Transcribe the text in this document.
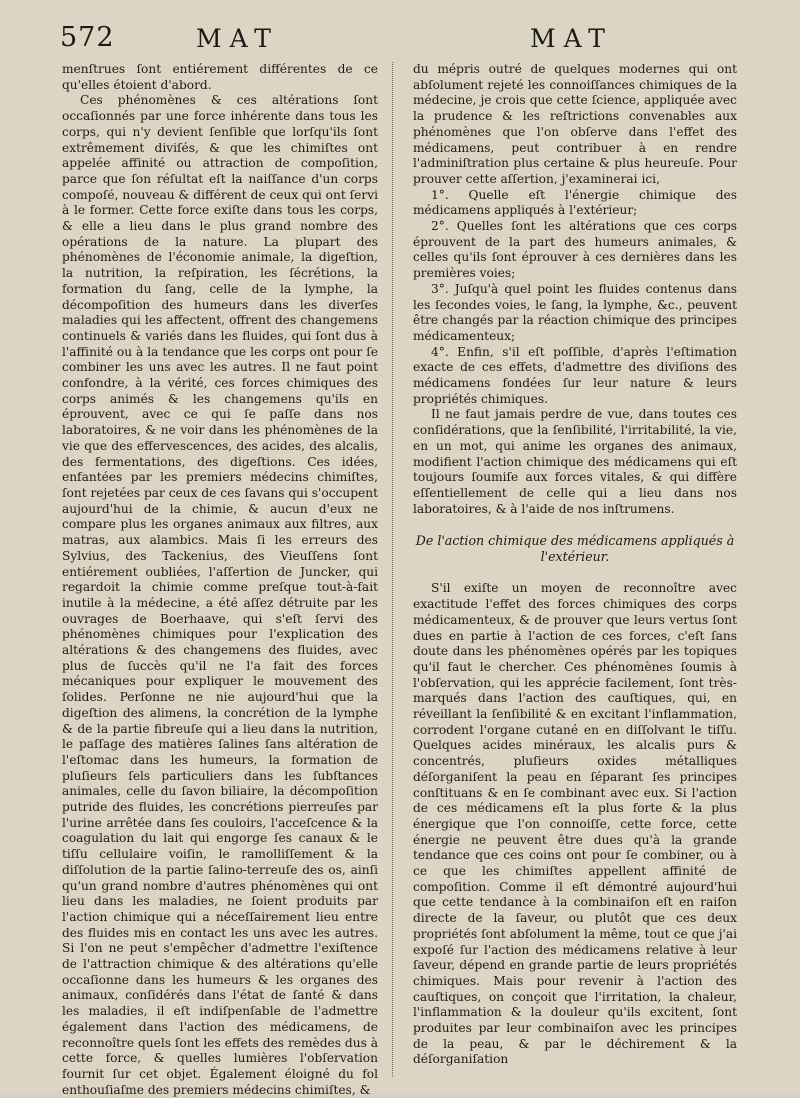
572	MAT	MAT

menſtrues ſont entiérement différentes de ce qu'elles étoient d'abord.

Ces phénomènes & ces altérations ſont occaſionnés par une force inhérente dans tous les corps, qui n'y devient ſenſible que lorſqu'ils ſont extrêmement diviſés, & que les chimiſtes ont appelée affinité ou attraction de compoſition, parce que ſon réſultat eſt la naiſſance d'un corps compoſé, nouveau & différent de ceux qui ont ſervi à le former. Cette force exiſte dans tous les corps, & elle a lieu dans le plus grand nombre des opérations de la nature. La plupart des phénomènes de l'économie animale, la digeſtion, la nutrition, la reſpiration, les ſécrétions, la formation du ſang, celle de la lymphe, la décompoſition des humeurs dans les diverſes maladies qui les affectent, offrent des changemens continuels & variés dans les fluides, qui ſont dus à l'affinité ou à la tendance que les corps ont pour ſe combiner les uns avec les autres. Il ne faut point confondre, à la vérité, ces forces chimiques des corps animés & les changemens qu'ils en éprouvent, avec ce qui ſe paſſe dans nos laboratoires, & ne voir dans les phénomènes de la vie que des effervescences, des acides, des alcalis, des fermentations, des digeſtions. Ces idées, enfantées par les premiers médecins chimiſtes, ſont rejetées par ceux de ces ſavans qui s'occupent aujourd'hui de la chimie, & aucun d'eux ne compare plus les organes animaux aux filtres, aux matras, aux alambics. Mais ſi les erreurs des Sylvius, des Tackenius, des Vieuſſens ſont entiérement oubliées, l'aſſertion de Juncker, qui regardoit la chimie comme preſque tout-à-fait inutile à la médecine, a été aſſez détruite par les ouvrages de Boerhaave, qui s'eſt ſervi des phénomènes chimiques pour l'explication des altérations & des changemens des fluides, avec plus de ſuccès qu'il ne l'a fait des forces mécaniques pour expliquer le mouvement des ſolides. Perſonne ne nie aujourd'hui que la digeſtion des alimens, la concrétion de la lymphe & de la partie fibreuſe qui a lieu dans la nutrition, le paſſage des matières ſalines ſans altération de l'eſtomac dans les humeurs, la formation de pluſieurs ſels particuliers dans les ſubſtances animales, celle du ſavon biliaire, la décompoſition putride des fluides, les concrétions pierreuſes par l'urine arrêtée dans ſes couloirs, l'acceſcence & la coagulation du lait qui engorge ſes canaux & le tiſſu cellulaire voiſin, le ramolliſſement & la diſſolution de la partie ſalino-terreuſe des os, ainſi qu'un grand nombre d'autres phénomènes qui ont lieu dans les maladies, ne ſoient produits par l'action chimique qui a néceſſairement lieu entre des fluides mis en contact les uns avec les autres. Si l'on ne peut s'empêcher d'admettre l'exiſtence de l'attraction chimique & des altérations qu'elle occaſionne dans les humeurs & les organes des animaux, conſidérés dans l'état de ſanté & dans les maladies, il eſt indiſpenſable de l'admettre également dans l'action des médicamens, de reconnoître quels ſont les effets des remèdes dus à cette force, & quelles lumières l'obſervation fournit ſur cet objet. Également éloigné du fol enthouſiaſme des premiers médecins chimiſtes, &

du mépris outré de quelques modernes qui ont abſolument rejeté les connoiſſances chimiques de la médecine, je crois que cette ſcience, appliquée avec la prudence & les reſtrictions convenables aux phénomènes que l'on obſerve dans l'effet des médicamens, peut contribuer à en rendre l'adminiſtration plus certaine & plus heureuſe. Pour prouver cette aſſertion, j'examinerai ici,

1°. Quelle eſt l'énergie chimique des médicamens appliqués à l'extérieur;

2°. Quelles ſont les altérations que ces corps éprouvent de la part des humeurs animales, & celles qu'ils ſont éprouver à ces dernières dans les premières voies;

3°. Juſqu'à quel point les fluides contenus dans les ſecondes voies, le ſang, la lymphe, &c., peuvent être changés par la réaction chimique des principes médicamenteux;

4°. Enfin, s'il eſt poſſible, d'après l'eſtimation exacte de ces effets, d'admettre des diviſions des médicamens fondées ſur leur nature & leurs propriétés chimiques.

Il ne faut jamais perdre de vue, dans toutes ces conſidérations, que la ſenſibilité, l'irritabilité, la vie, en un mot, qui anime les organes des animaux, modifient l'action chimique des médicamens qui eſt toujours ſoumiſe aux forces vitales, & qui diffère eſſentiellement de celle qui a lieu dans nos laboratoires, & à l'aide de nos inſtrumens.

De l'action chimique des médicamens appliqués à l'extérieur.

S'il exiſte un moyen de reconnoître avec exactitude l'effet des forces chimiques des corps médicamenteux, & de prouver que leurs vertus ſont dues en partie à l'action de ces forces, c'eſt ſans doute dans les phénomènes opérés par les topiques qu'il faut le chercher. Ces phénomènes ſoumis à l'obſervation, qui les apprécie facilement, ſont très-marqués dans l'action des cauſtiques, qui, en réveillant la ſenſibilité & en excitant l'inflammation, corrodent l'organe cutané en en diſſolvant le tiſſu. Quelques acides minéraux, les alcalis purs & concentrés, pluſieurs oxides métalliques déſorganiſent la peau en ſéparant ſes principes conſtituans & en ſe combinant avec eux. Si l'action de ces médicamens eſt la plus forte & la plus énergique que l'on connoiſſe, cette force, cette énergie ne peuvent être dues qu'à la grande tendance que ces coins ont pour ſe combiner, ou à ce que les chimiſtes appellent affinité de compoſition. Comme il eſt démontré aujourd'hui que cette tendance à la combinaiſon eſt en raiſon directe de la ſaveur, ou plutôt que ces deux propriétés ſont abſolument la même, tout ce que j'ai expoſé ſur l'action des médicamens relative à leur ſaveur, dépend en grande partie de leurs propriétés chimiques. Mais pour revenir à l'action des cauſtiques, on conçoit que l'irritation, la chaleur, l'inflammation & la douleur qu'ils excitent, ſont produites par leur combinaiſon avec les principes de la peau, & par le déchirement & la déſorganiſation
